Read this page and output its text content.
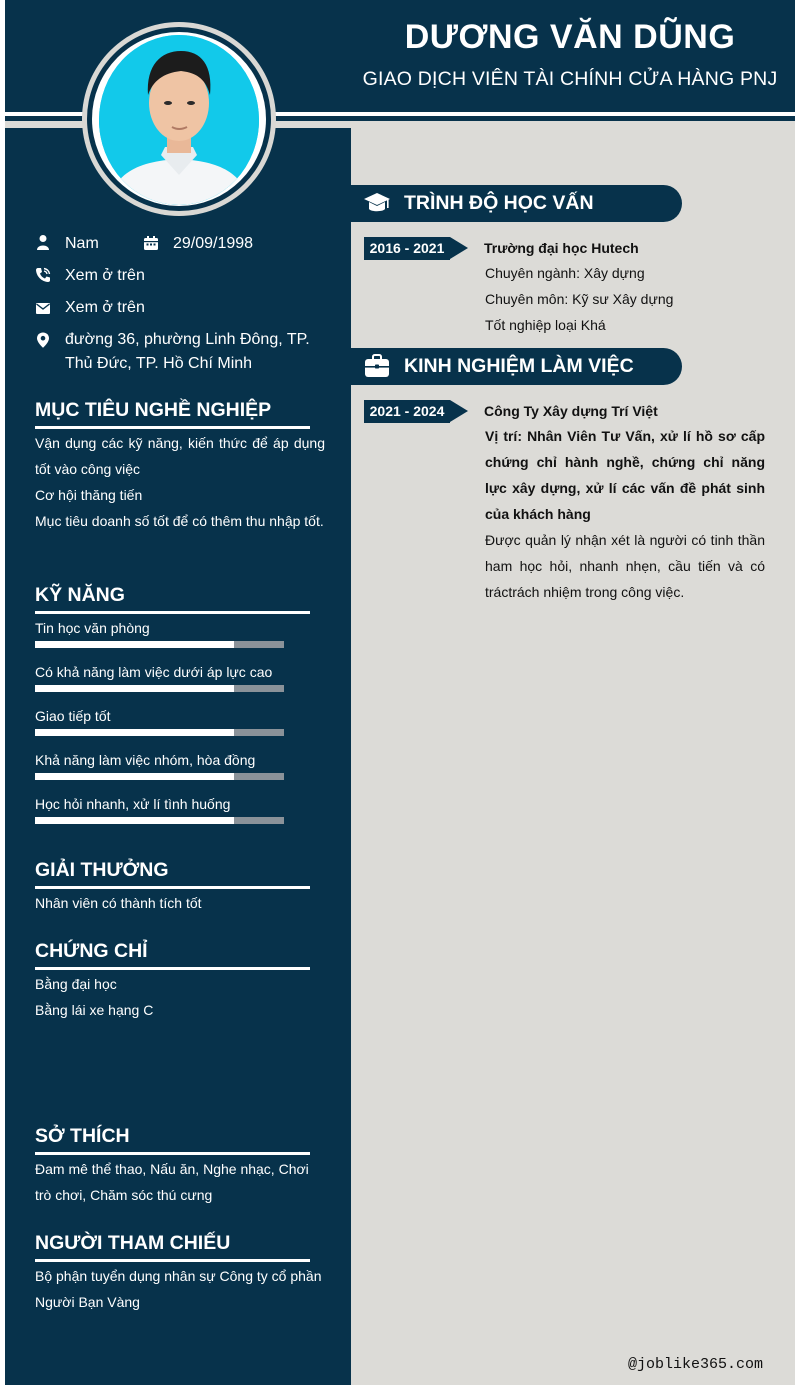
DƯƠNG VĂN DŨNG
GIAO DỊCH VIÊN TÀI CHÍNH CỬA HÀNG PNJ
Nam	29/09/1998
Xem ở trên
Xem ở trên
đường 36, phường Linh Đông, TP. Thủ Đức, TP. Hồ Chí Minh
MỤC TIÊU NGHỀ NGHIỆP
Vận dụng các kỹ năng, kiến thức để áp dụng tốt vào công việc
Cơ hội thăng tiến
Mục tiêu doanh số tốt để có thêm thu nhập tốt.
KỸ NĂNG
Tin học văn phòng
Có khả năng làm việc dưới áp lực cao
Giao tiếp tốt
Khả năng làm việc nhóm, hòa đồng
Học hỏi nhanh, xử lí tình huống
GIẢI THƯỞNG
Nhân viên có thành tích tốt
CHỨNG CHỈ
Bằng đại học
Bằng lái xe hạng C
SỞ THÍCH
Đam mê thể thao, Nấu ăn, Nghe nhạc, Chơi trò chơi, Chăm sóc thú cưng
NGƯỜI THAM CHIẾU
Bộ phận tuyển dụng nhân sự Công ty cổ phần Người Bạn Vàng
TRÌNH ĐỘ HỌC VẤN
2016 - 2021	Trường đại học Hutech
Chuyên ngành: Xây dựng
Chuyên môn: Kỹ sư Xây dựng
Tốt nghiệp loại Khá
KINH NGHIỆM LÀM VIỆC
2021 - 2024	Công Ty Xây dựng Trí Việt
Vị trí: Nhân Viên Tư Vấn, xử lí hồ sơ cấp chứng chỉ hành nghề, chứng chỉ năng lực xây dựng, xử lí các vấn đề phát sinh của khách hàng
Được quản lý nhận xét là người có tinh thần ham học hỏi, nhanh nhẹn, cầu tiến và có tráctrách nhiệm trong công việc.
@joblike365.com
